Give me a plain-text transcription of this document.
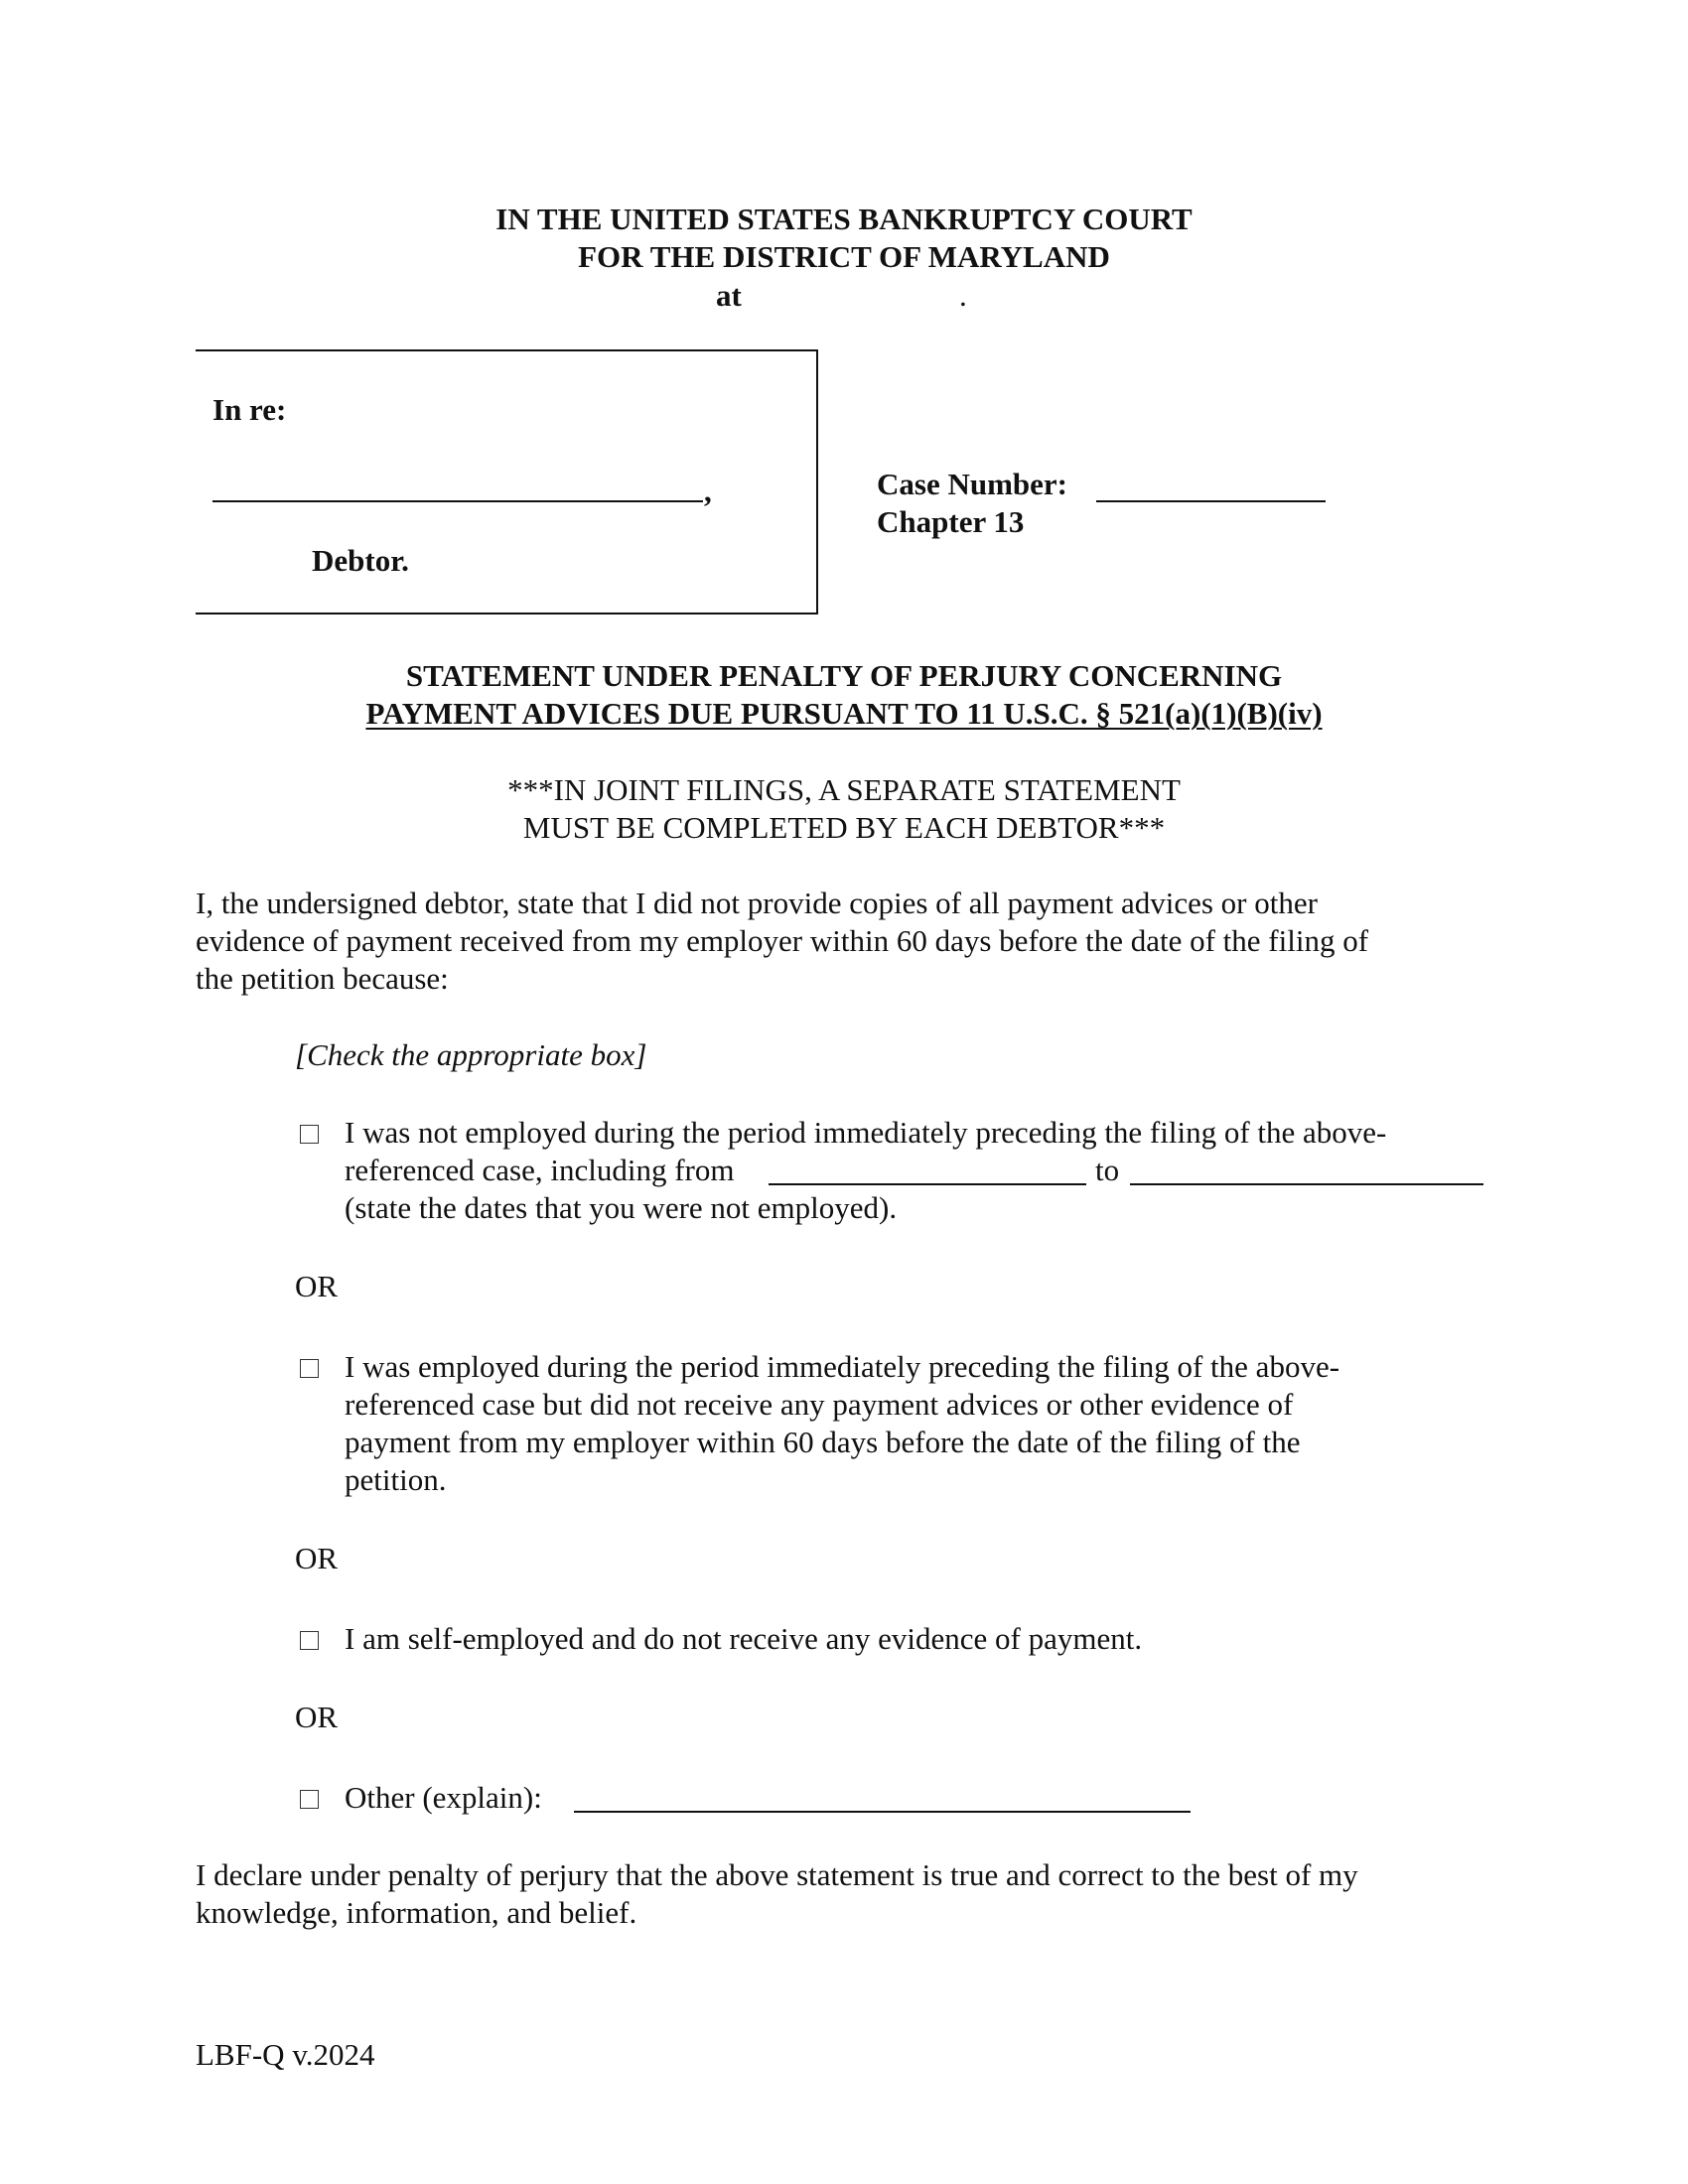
IN THE UNITED STATES BANKRUPTCY COURT
FOR THE DISTRICT OF MARYLAND
at	.
In re:
,
Debtor.
Case Number:
Chapter 13
STATEMENT UNDER PENALTY OF PERJURY CONCERNING
PAYMENT ADVICES DUE PURSUANT TO 11 U.S.C. § 521(a)(1)(B)(iv)
***IN JOINT FILINGS, A SEPARATE STATEMENT
MUST BE COMPLETED BY EACH DEBTOR***
I, the undersigned debtor, state that I did not provide copies of all payment advices or other
evidence of payment received from my employer within 60 days before the date of the filing of
the petition because:
[Check the appropriate box]
I was not employed during the period immediately preceding the filing of the above-
referenced case, including from	to
(state the dates that you were not employed).
OR
I was employed during the period immediately preceding the filing of the above-
referenced case but did not receive any payment advices or other evidence of
payment from my employer within 60 days before the date of the filing of the
petition.
OR
I am self-employed and do not receive any evidence of payment.
OR
Other (explain):
I declare under penalty of perjury that the above statement is true and correct to the best of my
knowledge, information, and belief.
LBF-Q v.2024
